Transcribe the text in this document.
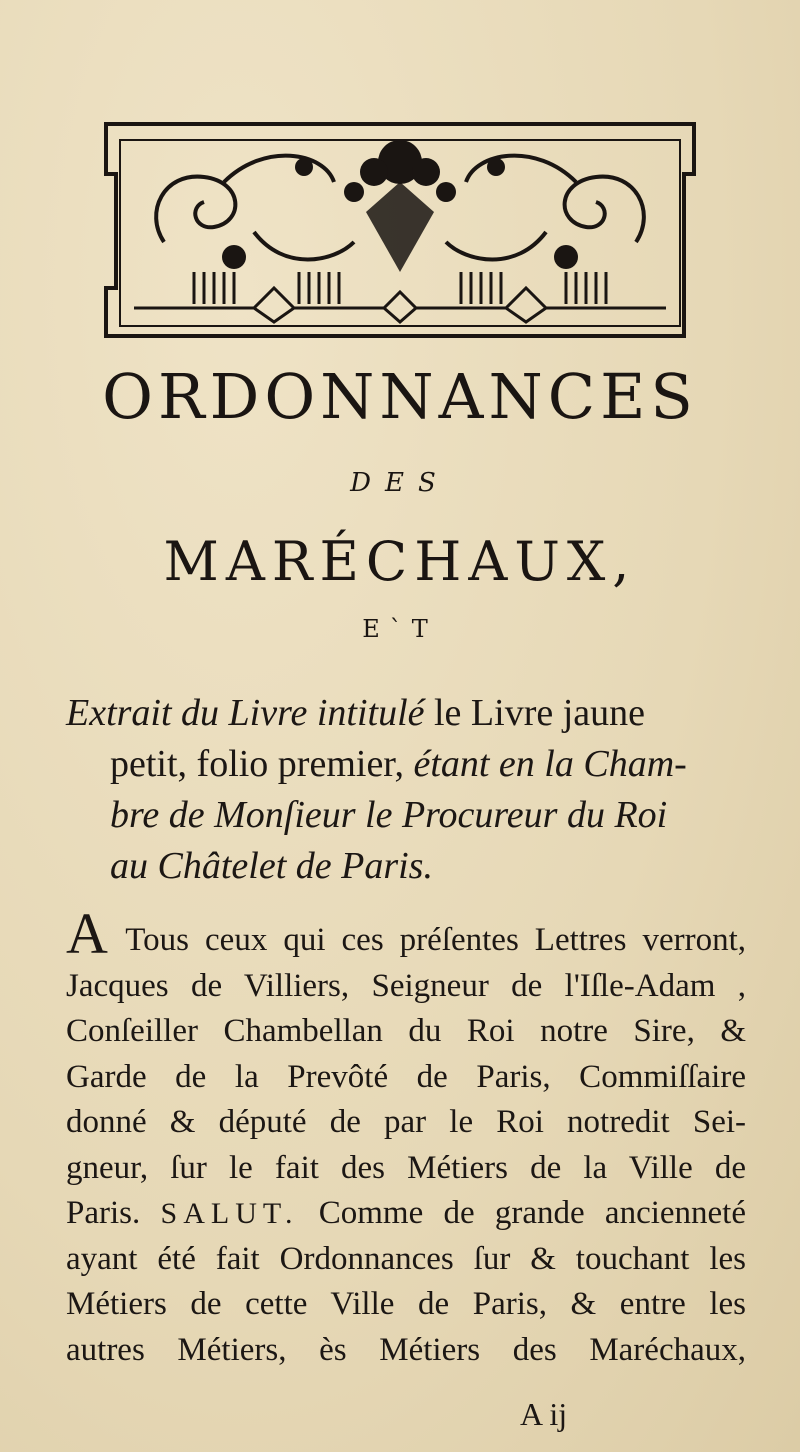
ORDONNANCES
DES
MARÉCHAUX,
E`T

Extrait du Livre intitulé le Livre jaune

petit, folio premier, étant en la Cham-

bre de Monſieur le Procureur du Roi

au Châtelet de Paris.

A Tous ceux qui ces préſentes Lettres verront,

Jacques de Villiers, Seigneur de l'Iſle-Adam ,

Conſeiller Chambellan du Roi notre Sire, &

Garde de la Prevôté de Paris, Commiſſaire

donné & député de par le Roi notredit Sei-

gneur, ſur le fait des Métiers de la Ville de

Paris. SALUT. Comme de grande ancienneté

ayant été fait Ordonnances ſur & touchant les

Métiers de cette Ville de Paris, & entre les

autres Métiers, ès Métiers des Maréchaux,

A ij
